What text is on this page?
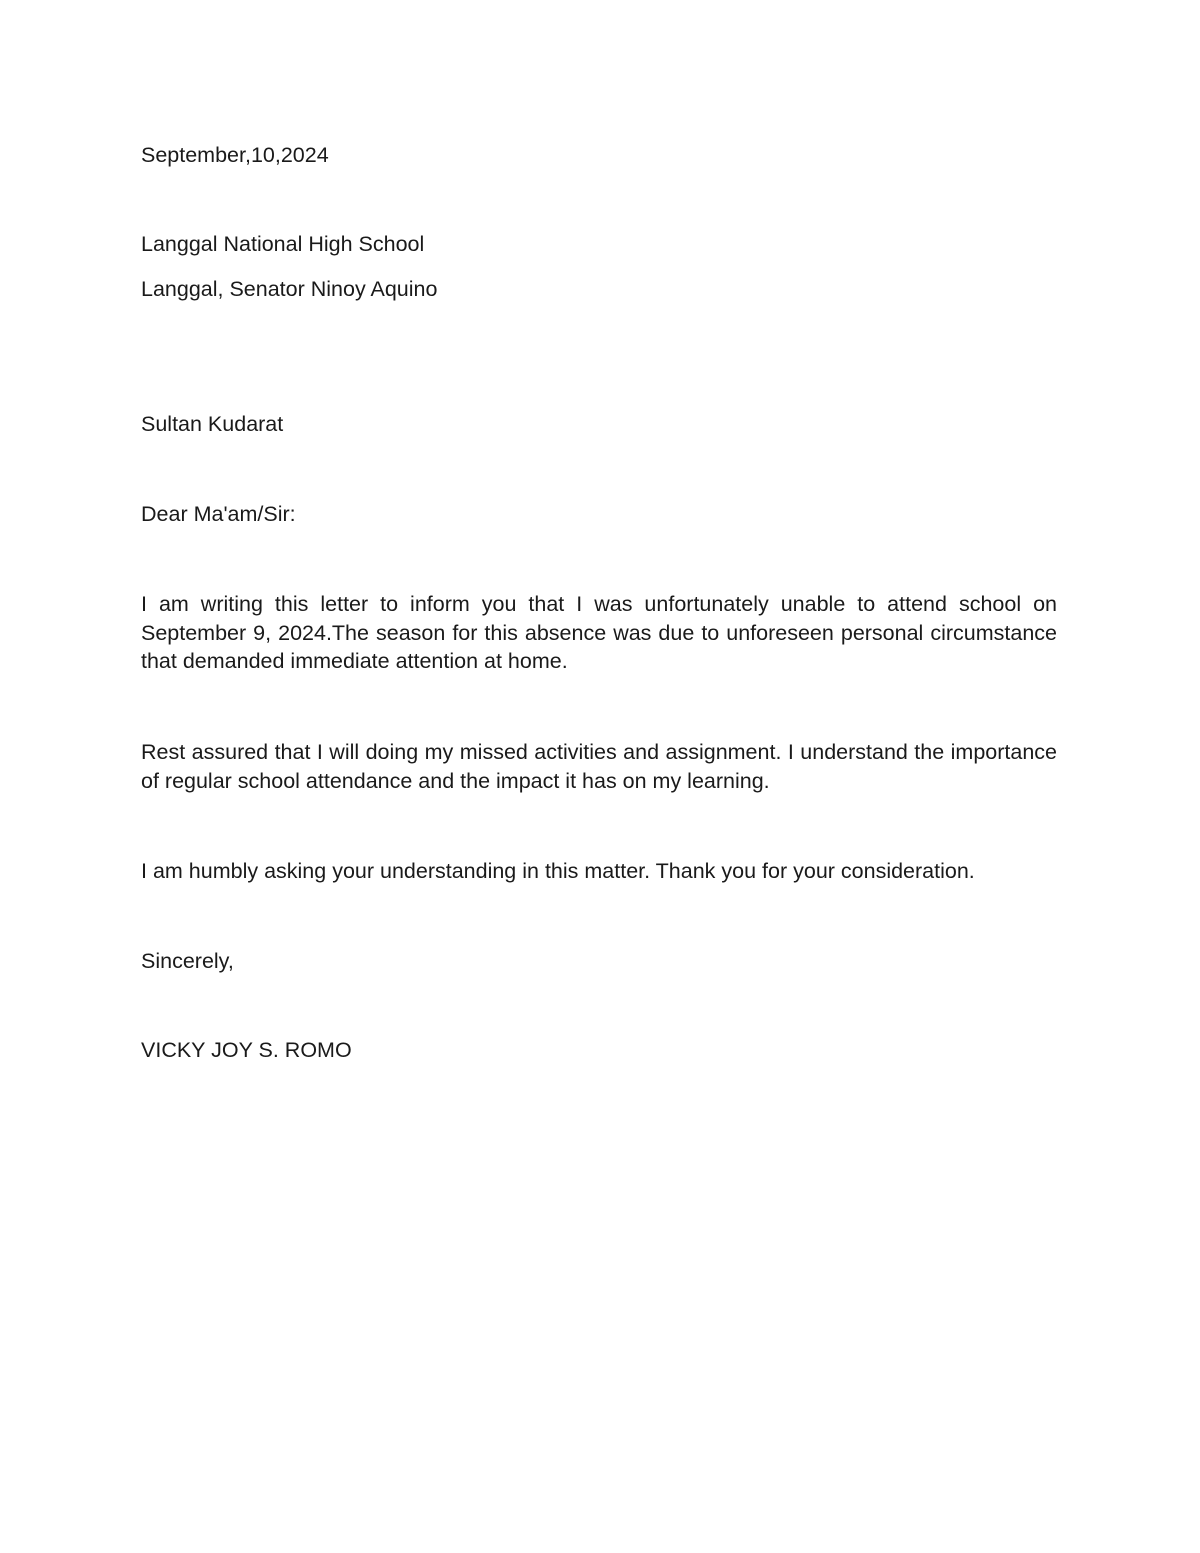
September,10,2024
Langgal National High School
Langgal, Senator Ninoy Aquino
Sultan Kudarat
Dear Ma'am/Sir:
I am writing this letter to inform you that I was unfortunately unable to attend school on September 9, 2024.The season for this absence was due to unforeseen personal circumstance that demanded immediate attention at home.
Rest assured that I will doing my missed activities and assignment. I understand the importance of regular school attendance and the impact it has on my learning.
I am humbly asking your understanding in this matter. Thank you for your consideration.
Sincerely,
VICKY JOY S. ROMO
